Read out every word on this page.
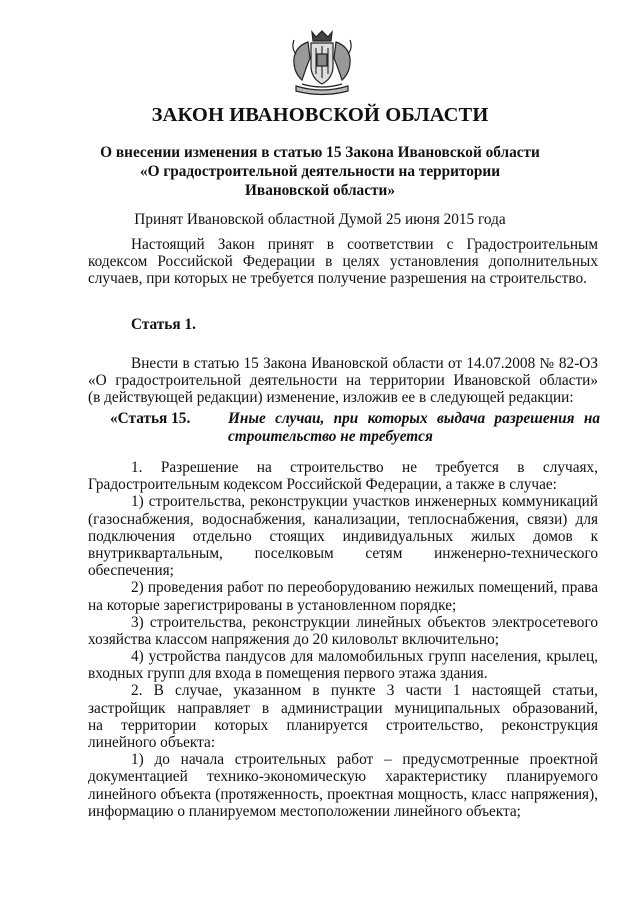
ЗАКОН ИВАНОВСКОЙ ОБЛАСТИ
О внесении изменения в статью 15 Закона Ивановской области
«О градостроительной деятельности на территории
Ивановской области»
Принят Ивановской областной Думой 25 июня 2015 года
Настоящий Закон принят в соответствии с Градостроительным
кодексом Российской Федерации в целях установления дополнительных
случаев, при которых не требуется получение разрешения на строительство.
Статья 1.
Внести в статью 15 Закона Ивановской области от 14.07.2008 № 82-ОЗ
«О градостроительной деятельности на территории Ивановской области»
(в действующей редакции) изменение, изложив ее в следующей редакции:
«Статья 15.	Иные случаи, при которых выдача разрешения на
строительство не требуется
1. Разрешение на строительство не требуется в случаях,
Градостроительным кодексом Российской Федерации, а также в случае:
1) строительства, реконструкции участков инженерных коммуникаций
(газоснабжения, водоснабжения, канализации, теплоснабжения, связи) для
подключения отдельно стоящих индивидуальных жилых домов к
внутриквартальным, поселковым сетям инженерно-технического
обеспечения;
2) проведения работ по переоборудованию нежилых помещений, права
на которые зарегистрированы в установленном порядке;
3) строительства, реконструкции линейных объектов электросетевого
хозяйства классом напряжения до 20 киловольт включительно;
4) устройства пандусов для маломобильных групп населения, крылец,
входных групп для входа в помещения первого этажа здания.
2. В случае, указанном в пункте 3 части 1 настоящей статьи,
застройщик направляет в администрации муниципальных образований,
на территории которых планируется строительство, реконструкция
линейного объекта:
1) до начала строительных работ – предусмотренные проектной
документацией технико-экономическую характеристику планируемого
линейного объекта (протяженность, проектная мощность, класс напряжения),
информацию о планируемом местоположении линейного объекта;
